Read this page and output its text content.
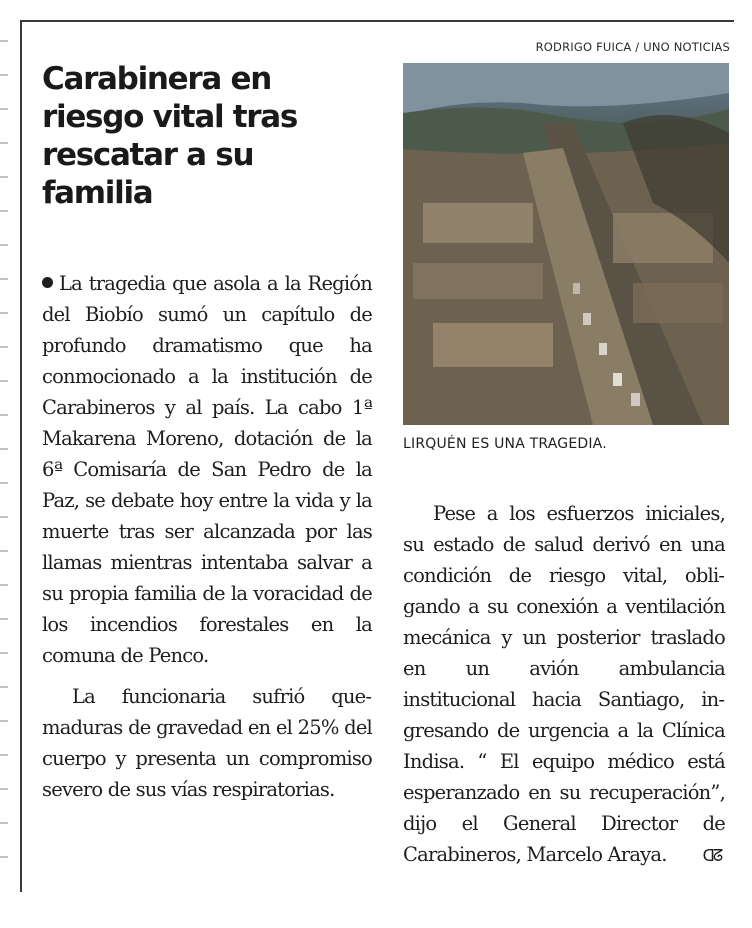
Carabinera en riesgo vital tras rescatar a su familia

La tragedia que asola a la Región del Biobío sumó un capítulo de profundo dramatismo que ha conmocionado a la institución de Carabineros y al país. La cabo 1ª Makarena Moreno, dotación de la 6ª Comisaría de San Pedro de la Paz, se debate hoy entre la vida y la muerte tras ser alcanzada por las llamas mientras intentaba salvar a su propia familia de la voracidad de los incendios forestales en la comuna de Penco.

La funcionaria sufrió quemaduras de gravedad en el 25% del cuerpo y presenta un compromiso severo de sus vías respiratorias.

RODRIGO FUICA / UNO NOTICIAS
LIRQUÉN ES UNA TRAGEDIA.

Pese a los esfuerzos iniciales, su estado de salud derivó en una condición de riesgo vital, obligando a su conexión a ventilación mecánica y un posterior traslado en un avión ambulancia institucional hacia Santiago, ingresando de urgencia a la Clínica Indisa. “ El equipo médico está esperanzado en su recuperación”, dijo el General Director de Carabineros, Marcelo Araya. ᗡᘔ
